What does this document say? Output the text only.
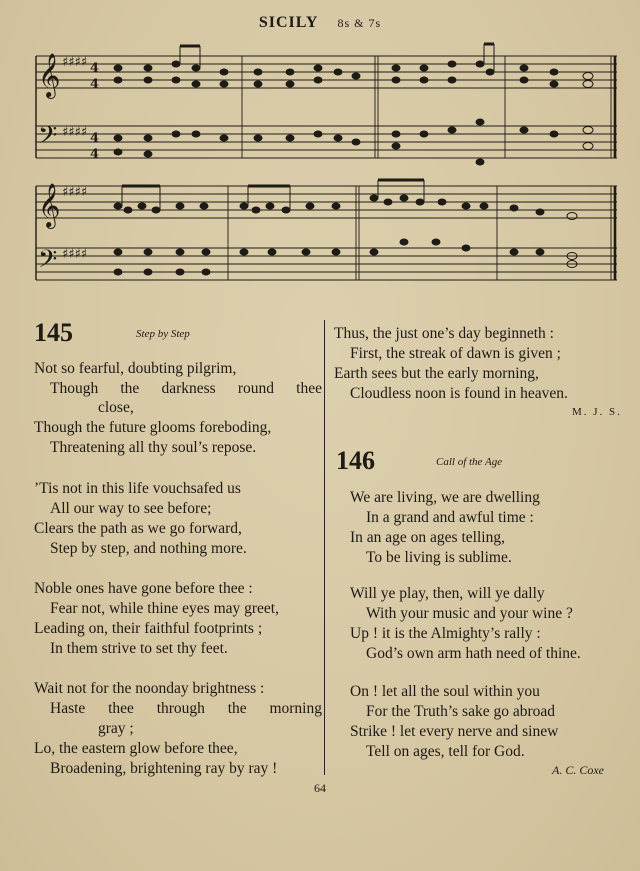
SICILY 8s & 7s
𝄞
𝄢
𝄞
𝄢
♯♯♯♯
♯♯♯♯
♯♯♯♯
♯♯♯♯
4
4
4
4
145	Step by Step
Not so fearful, doubting pilgrim,
Though the darkness round thee
close,
Though the future glooms foreboding,
Threatening all thy soul’s repose.
’Tis not in this life vouchsafed us
All our way to see before;
Clears the path as we go forward,
Step by step, and nothing more.
Noble ones have gone before thee :
Fear not, while thine eyes may greet,
Leading on, their faithful footprints ;
In them strive to set thy feet.
Wait not for the noonday brightness :
Haste thee through the morning
gray ;
Lo, the eastern glow before thee,
Broadening, brightening ray by ray !
Thus, the just one’s day beginneth :
First, the streak of dawn is given ;
Earth sees but the early morning,
Cloudless noon is found in heaven.
M. J. S.
146	Call of the Age
We are living, we are dwelling
In a grand and awful time :
In an age on ages telling,
To be living is sublime.
Will ye play, then, will ye dally
With your music and your wine ?
Up ! it is the Almighty’s rally :
God’s own arm hath need of thine.
On ! let all the soul within you
For the Truth’s sake go abroad
Strike ! let every nerve and sinew
Tell on ages, tell for God.
A. C. Coxe
64
